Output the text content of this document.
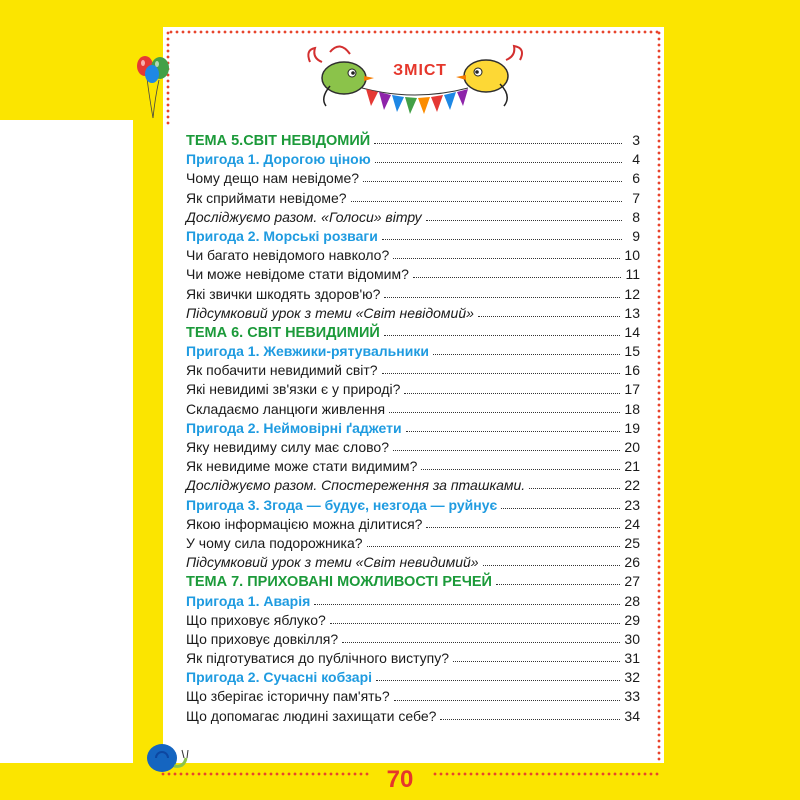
ЗМІСТ
ТЕМА 5.СВІТ НЕВІДОМИЙ	3
Пригода 1. Дорогою ціною	4
Чому дещо нам невідоме?	6
Як сприймати невідоме?	7
Досліджуємо разом. «Голоси» вітру	8
Пригода 2. Морські розваги	9
Чи багато невідомого навколо?	10
Чи може невідоме стати відомим?	11
Які звички шкодять здоров'ю?	12
Підсумковий урок з теми «Світ невідомий»	13
ТЕМА 6. СВІТ НЕВИДИМИЙ	14
Пригода 1. Жевжики-рятувальники	15
Як побачити невидимий світ?	16
Які невидимі зв'язки є у природі?	17
Складаємо ланцюги живлення	18
Пригода 2. Неймовірні ґаджети	19
Яку невидиму силу має слово?	20
Як невидиме може стати видимим?	21
Досліджуємо разом. Спостереження за пташками.	22
Пригода 3. Згода — будує, незгода — руйнує	23
Якою інформацією можна ділитися?	24
У чому сила подорожника?	25
Підсумковий урок з теми «Світ невидимий»	26
ТЕМА 7. ПРИХОВАНІ МОЖЛИВОСТІ РЕЧЕЙ	27
Пригода 1. Аварія	28
Що приховує яблуко?	29
Що приховує довкілля?	30
Як підготуватися до публічного виступу?	31
Пригода 2. Сучасні кобзарі	32
Що зберігає історичну пам'ять?	33
Що допомагає людині захищати себе?	34
70
